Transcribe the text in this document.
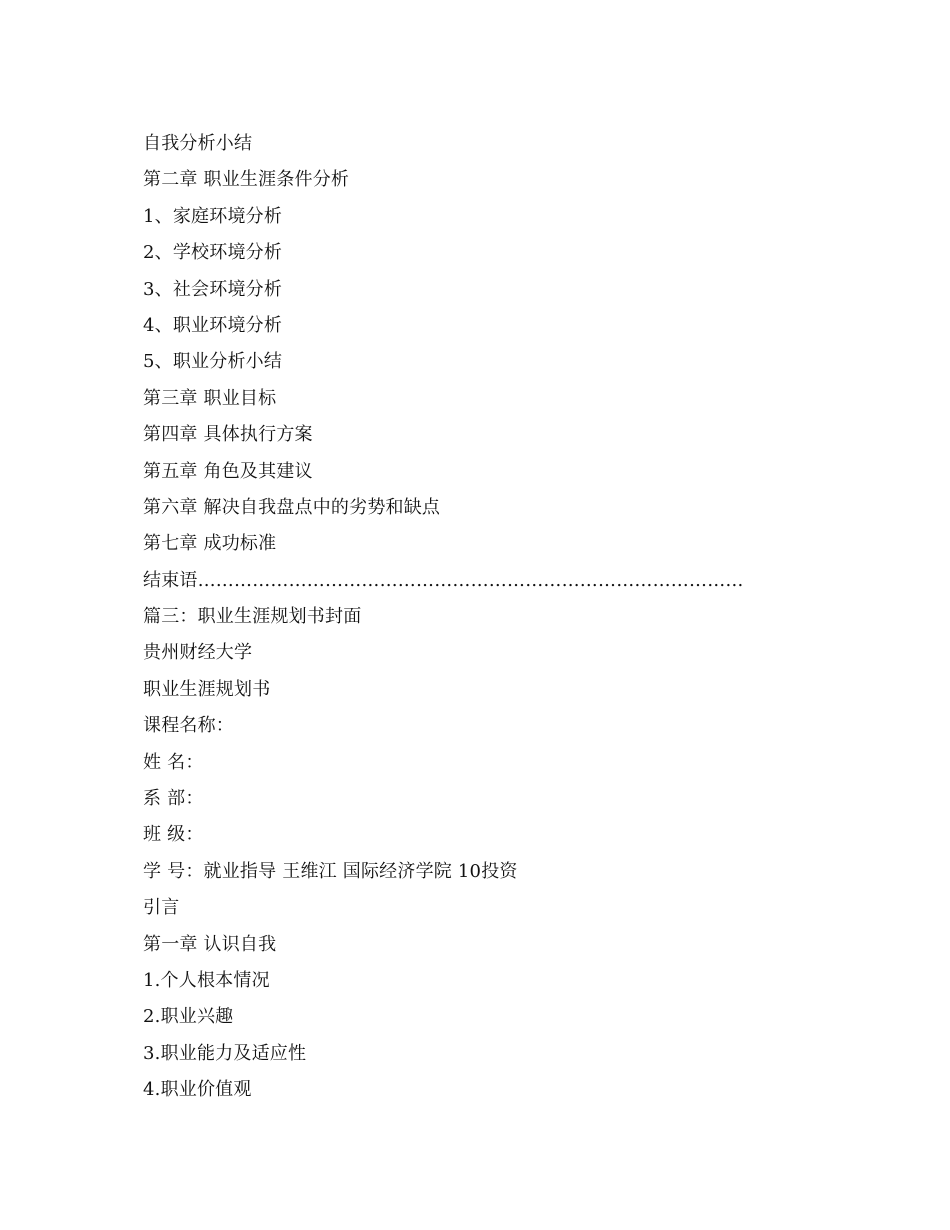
自我分析小结
第二章 职业生涯条件分析
1、家庭环境分析
2、学校环境分析
3、社会环境分析
4、职业环境分析
5、职业分析小结
第三章 职业目标
第四章 具体执行方案
第五章 角色及其建议
第六章 解决自我盘点中的劣势和缺点
第七章 成功标准
结束语………………………………………………………………………………
篇三：职业生涯规划书封面
贵州财经大学
职业生涯规划书
课程名称：
姓 名：
系 部：
班 级：
学 号：就业指导 王维江 国际经济学院 10投资
引言
第一章 认识自我
1.个人根本情况
2.职业兴趣
3.职业能力及适应性
4.职业价值观
